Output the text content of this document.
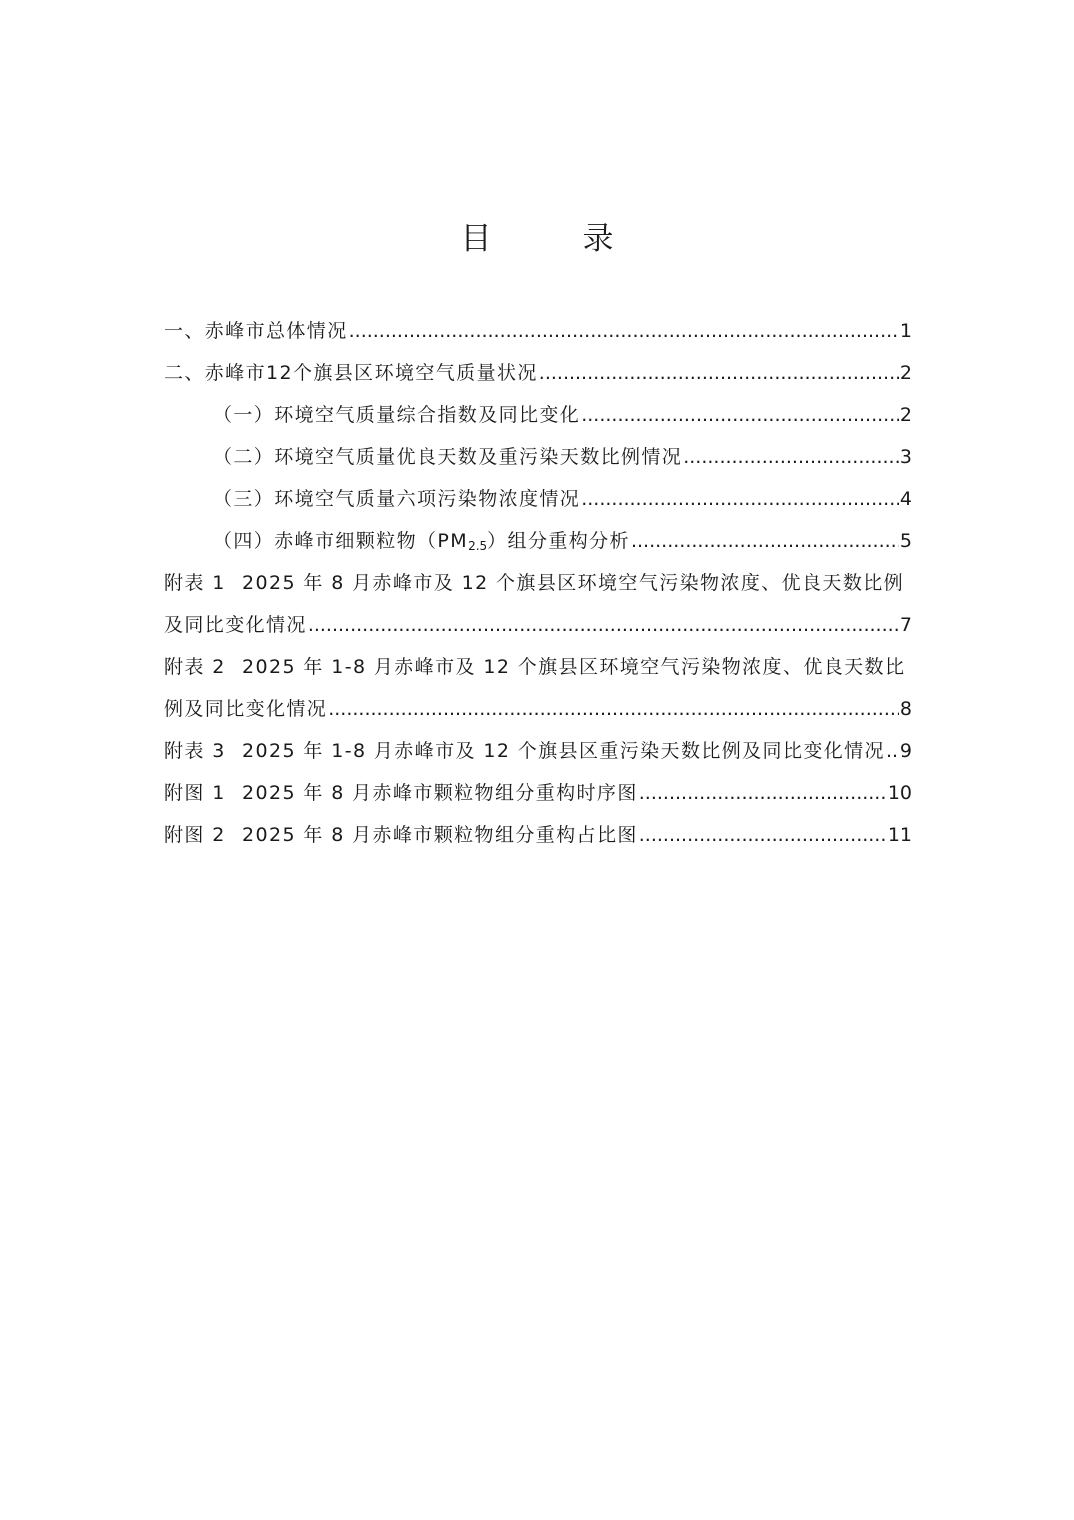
目　录
一、赤峰市总体情况 .....	1
二、赤峰市12个旗县区环境空气质量状况 .....	2
（一）环境空气质量综合指数及同比变化 .....	2
（二）环境空气质量优良天数及重污染天数比例情况 .....	3
（三）环境空气质量六项污染物浓度情况 .....	4
（四）赤峰市细颗粒物$(PM_{2.5})$组分重构分析 .....	5
附表 1 2025 年 8 月赤峰市及 12 个旗县区环境空气污染物浓度、优良天数比例
及同比变化情况 .....	7
附表 2 2025 年 1-8 月赤峰市及 12 个旗县区环境空气污染物浓度、优良天数比
例及同比变化情况 .....	8
附表 3 2025 年 1-8 月赤峰市及 12 个旗县区重污染天数比例及同比变化情况 ..... 9
附图 1 2025 年 8 月赤峰市颗粒物组分重构时序图 .....	10
附图 2 2025 年 8 月赤峰市颗粒物组分重构占比图 .....	11
